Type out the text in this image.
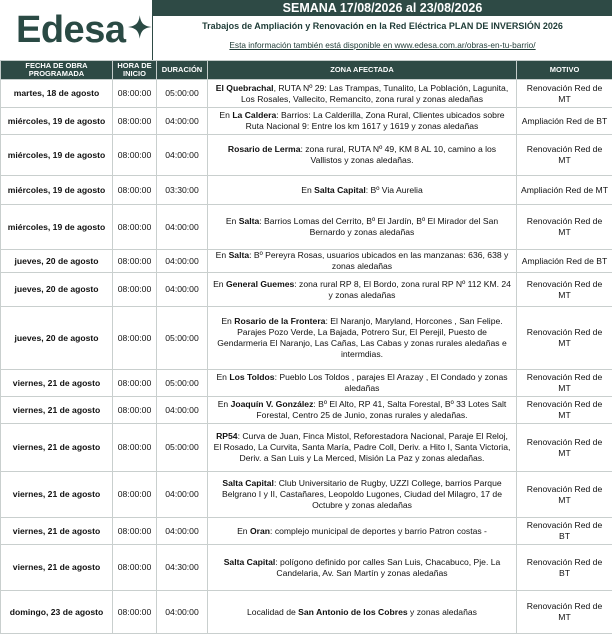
Edesa
SEMANA 17/08/2026 al 23/08/2026
Trabajos de Ampliación y Renovación en la Red Eléctrica PLAN DE INVERSIÓN 2026
Esta información también está disponible en www.edesa.com.ar/obras-en-tu-barrio/
FECHA DE OBRA PROGRAMADA	HORA DE INICIO	DURACIÓN	ZONA AFECTADA	MOTIVO
martes, 18 de agosto	08:00:00	05:00:00	El Quebrachal, RUTA Nº 29: Las Trampas, Tunalito, La Población, Lagunita, Los Rosales, Vallecito, Remancito, zona rural y zonas aledañas	Renovación Red de MT
miércoles, 19 de agosto	08:00:00	04:00:00	En La Caldera: Barrios: La Calderilla, Zona Rural, Clientes ubicados sobre Ruta Nacional 9: Entre los km 1617 y 1619 y zonas aledañas	Ampliación Red de BT
miércoles, 19 de agosto	08:00:00	04:00:00	Rosario de Lerma: zona rural, RUTA Nº 49, KM 8 AL 10, camino a los Vallistos y zonas aledañas.	Renovación Red de MT
miércoles, 19 de agosto	08:00:00	03:30:00	En Salta Capital: Bº Via Aurelia	Ampliación Red de MT
miércoles, 19 de agosto	08:00:00	04:00:00	En Salta: Barrios Lomas del Cerrito, Bº El Jardín, Bº El Mirador del San Bernardo y zonas aledañas	Renovación Red de MT
jueves, 20 de agosto	08:00:00	04:00:00	En Salta: Bº Pereyra Rosas, usuarios ubicados en las manzanas: 636, 638 y zonas aledañas	Ampliación Red de BT
jueves, 20 de agosto	08:00:00	04:00:00	En General Guemes: zona rural RP 8, El Bordo, zona rural RP Nº 112 KM. 24 y zonas aledañas	Renovación Red de MT
jueves, 20 de agosto	08:00:00	05:00:00	En Rosario de la Frontera: El Naranjo, Maryland, Horcones , San Felipe. Parajes Pozo Verde, La Bajada, Potrero Sur, El Perejil, Puesto de Gendarmeria El Naranjo, Las Cañas, Las Cabas y zonas rurales aledañas e intermdias.	Renovación Red de MT
viernes, 21 de agosto	08:00:00	05:00:00	En Los Toldos: Pueblo Los Toldos , parajes El Arazay , El Condado y zonas aledañas	Renovación Red de MT
viernes, 21 de agosto	08:00:00	04:00:00	En Joaquín V. González: Bº El Alto, RP 41, Salta Forestal, Bº 33 Lotes Salt Forestal, Centro 25 de Junio, zonas rurales y aledañas.	Renovación Red de MT
viernes, 21 de agosto	08:00:00	05:00:00	RP54: Curva de Juan, Finca Mistol, Reforestadora Nacional, Paraje El Reloj, El Rosado, La Curvita, Santa María, Padre Coll, Deriv. a Hito I, Santa Victoria, Deriv. a San Luis y La Merced, Misión La Paz y zonas aledañas.	Renovación Red de MT
viernes, 21 de agosto	08:00:00	04:00:00	Salta Capital: Club Universitario de Rugby, UZZI College, barrios Parque Belgrano I y II, Castañares, Leopoldo Lugones, Ciudad del Milagro, 17 de Octubre y zonas aledañas	Renovación Red de MT
viernes, 21 de agosto	08:00:00	04:00:00	En Oran: complejo municipal de deportes y barrio Patron costas -	Renovación Red de BT
viernes, 21 de agosto	08:00:00	04:30:00	Salta Capital: polígono definido por calles San Luis, Chacabuco, Pje. La Candelaria, Av. San Martín y zonas aledañas	Renovación Red de BT
domingo, 23 de agosto	08:00:00	04:00:00	Localidad de San Antonio de los Cobres y zonas aledañas	Renovación Red de MT
